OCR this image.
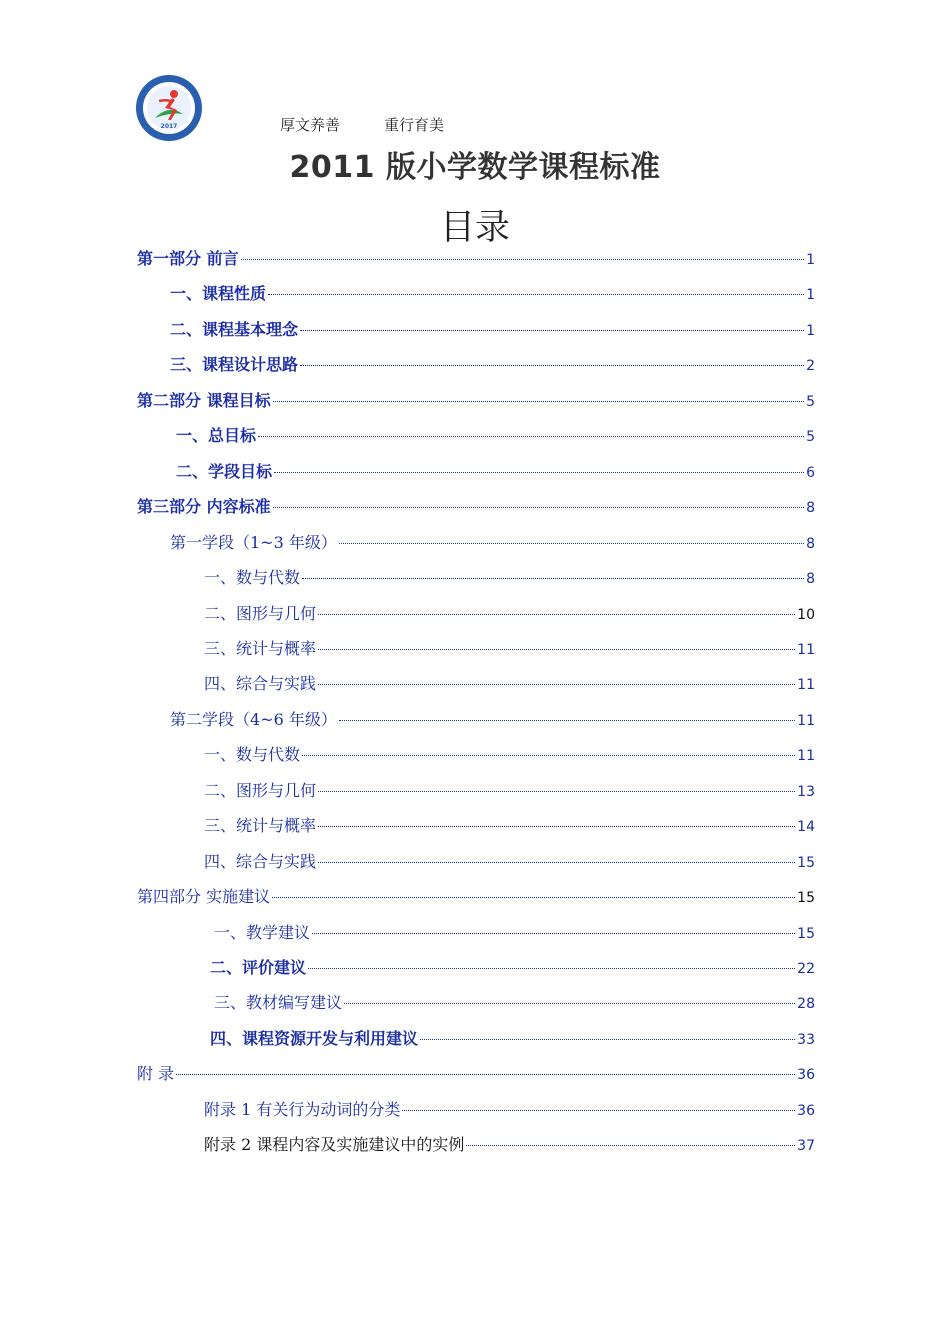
2017	厚文养善	重行育美
2011 版小学数学课程标准
目录
第一部分 前言	1
一、课程性质	1
二、课程基本理念	1
三、课程设计思路	2
第二部分 课程目标	5
一、总目标	5
二、学段目标	6
第三部分 内容标准	8
第一学段（1~3 年级）	8
一、数与代数	8
二、图形与几何	10
三、统计与概率	11
四、综合与实践	11
第二学段（4~6 年级）	11
一、数与代数	11
二、图形与几何	13
三、统计与概率	14
四、综合与实践	15
第四部分 实施建议	15
一、教学建议	15
二、评价建议	22
三、教材编写建议	28
四、课程资源开发与利用建议	33
附 录	36
附录 1 有关行为动词的分类	36
附录 2 课程内容及实施建议中的实例	37
